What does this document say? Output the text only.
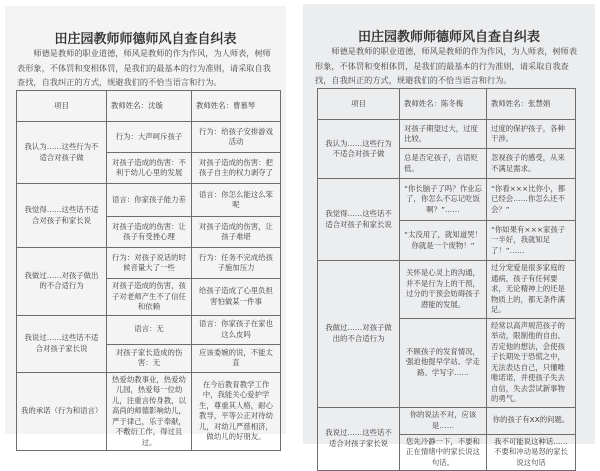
田庄园教师师德师风自查自纠表
师德是教师的职业道德，师风是教师的作为作风，为人师表，树师表形象，不体罚和变相体罚，是我们的最基本的行为准则，请采取自我查找，自我纠正的方式，规避我们的不恰当语言和行为。
项目	教师姓名：沈璇	教师姓名：曹慕琴
我认为……这些行为不适合对孩子做	行为：大声呵斥孩子	行为：给孩子安排游戏活动
	对孩子造成的伤害：不利于幼儿心里的发展	对孩子造成的伤害：把孩子自主的权力剥夺了
我觉得……这些话不适合对孩子和家长说	语言：你家孩子能力差	语言：你怎么能这么笨呢
	对孩子造成的伤害：让孩子有受挫心理	对孩子造成的伤害，让孩子难堪
我做过……对孩子做出的不合适行为	行为：对孩子说话的时候音量大了一些	行为：任务不完成给孩子施加压力
	对孩子造成的伤害，孩子对老师产生不了信任和依赖	给孩子造成了心里负担害怕做某一件事
我说过……这些话不适合对孩子家长说	语言：无	语言：你家孩子在家也这么皮吗
	对孩子家长造成的伤害：无	应该委婉的说，不能太直
我的承诺（行为和语言）	热爱幼教事业，热爱幼儿园，热爱每一位幼儿，注重言传身教，以高尚的师德影响幼儿，严于律己，乐于奉献，不敷衍工作，得过且过。	在今后教育教学工作中，我能关心爱护学生，尊重其人格，耐心教导，平等公正对待幼儿，对幼儿严慈相济，做幼儿的好朋友。
田庄园教师师德师风自查自纠表
师德是教师的职业道德，师风是教师的作为作风，为人师表，树师表形象，不体罚和变相体罚，是我们的最基本的行为准则，请采取自我查找，自我纠正的方式，规避我们的不恰当语言和行为。
项目	教师姓名：陈冬梅	教师姓名：张慧娟
我认为……这些行为不适合对孩子做	对孩子期望过大，过度比较。	过度的保护孩子，各种干涉。
	总是否定孩子，言语贬低。	忽视孩子的感受，从来不满足需求。
我觉得……这些话不适合对孩子和家长说	“你长脑子了吗？作业忘了，你怎么不忘记吃饭啊？”……	“你看×××比你小，都已经会……你怎么还不会？”
	“太没用了，就知道哭！你就是一个废物！”	“你如果有×××家孩子一半好，我就知足了！”……
我做过……对孩子做出的不合适行为	关怀是心灵上的沟通，并不是行为上的干预，过分的干预会妨碍孩子潜能的发展。	过分宠爱是很多家庭的通病，孩子有任何要求，无论精神上的还是物质上的，都无条件满足。
	不顾孩子的发育情况，强迫他提早学站、学走路、学写字……	经常以高声规范孩子的举动，限制他的自由、否定他的想法，会使孩子长期处于恐慌之中，无法表达自己，只懂唯唯诺诺，并使孩子失去自信，失去尝试新事物的勇气。
我说过……这些话不适合对孩子家长说	你的说法不对，应该是……	你的孩子有XX的问题。
	您先冷静一下，不要和正在情绪中的家长说这句话。	我不可能说这种话……不要和冲动易怒的家长说这句话
